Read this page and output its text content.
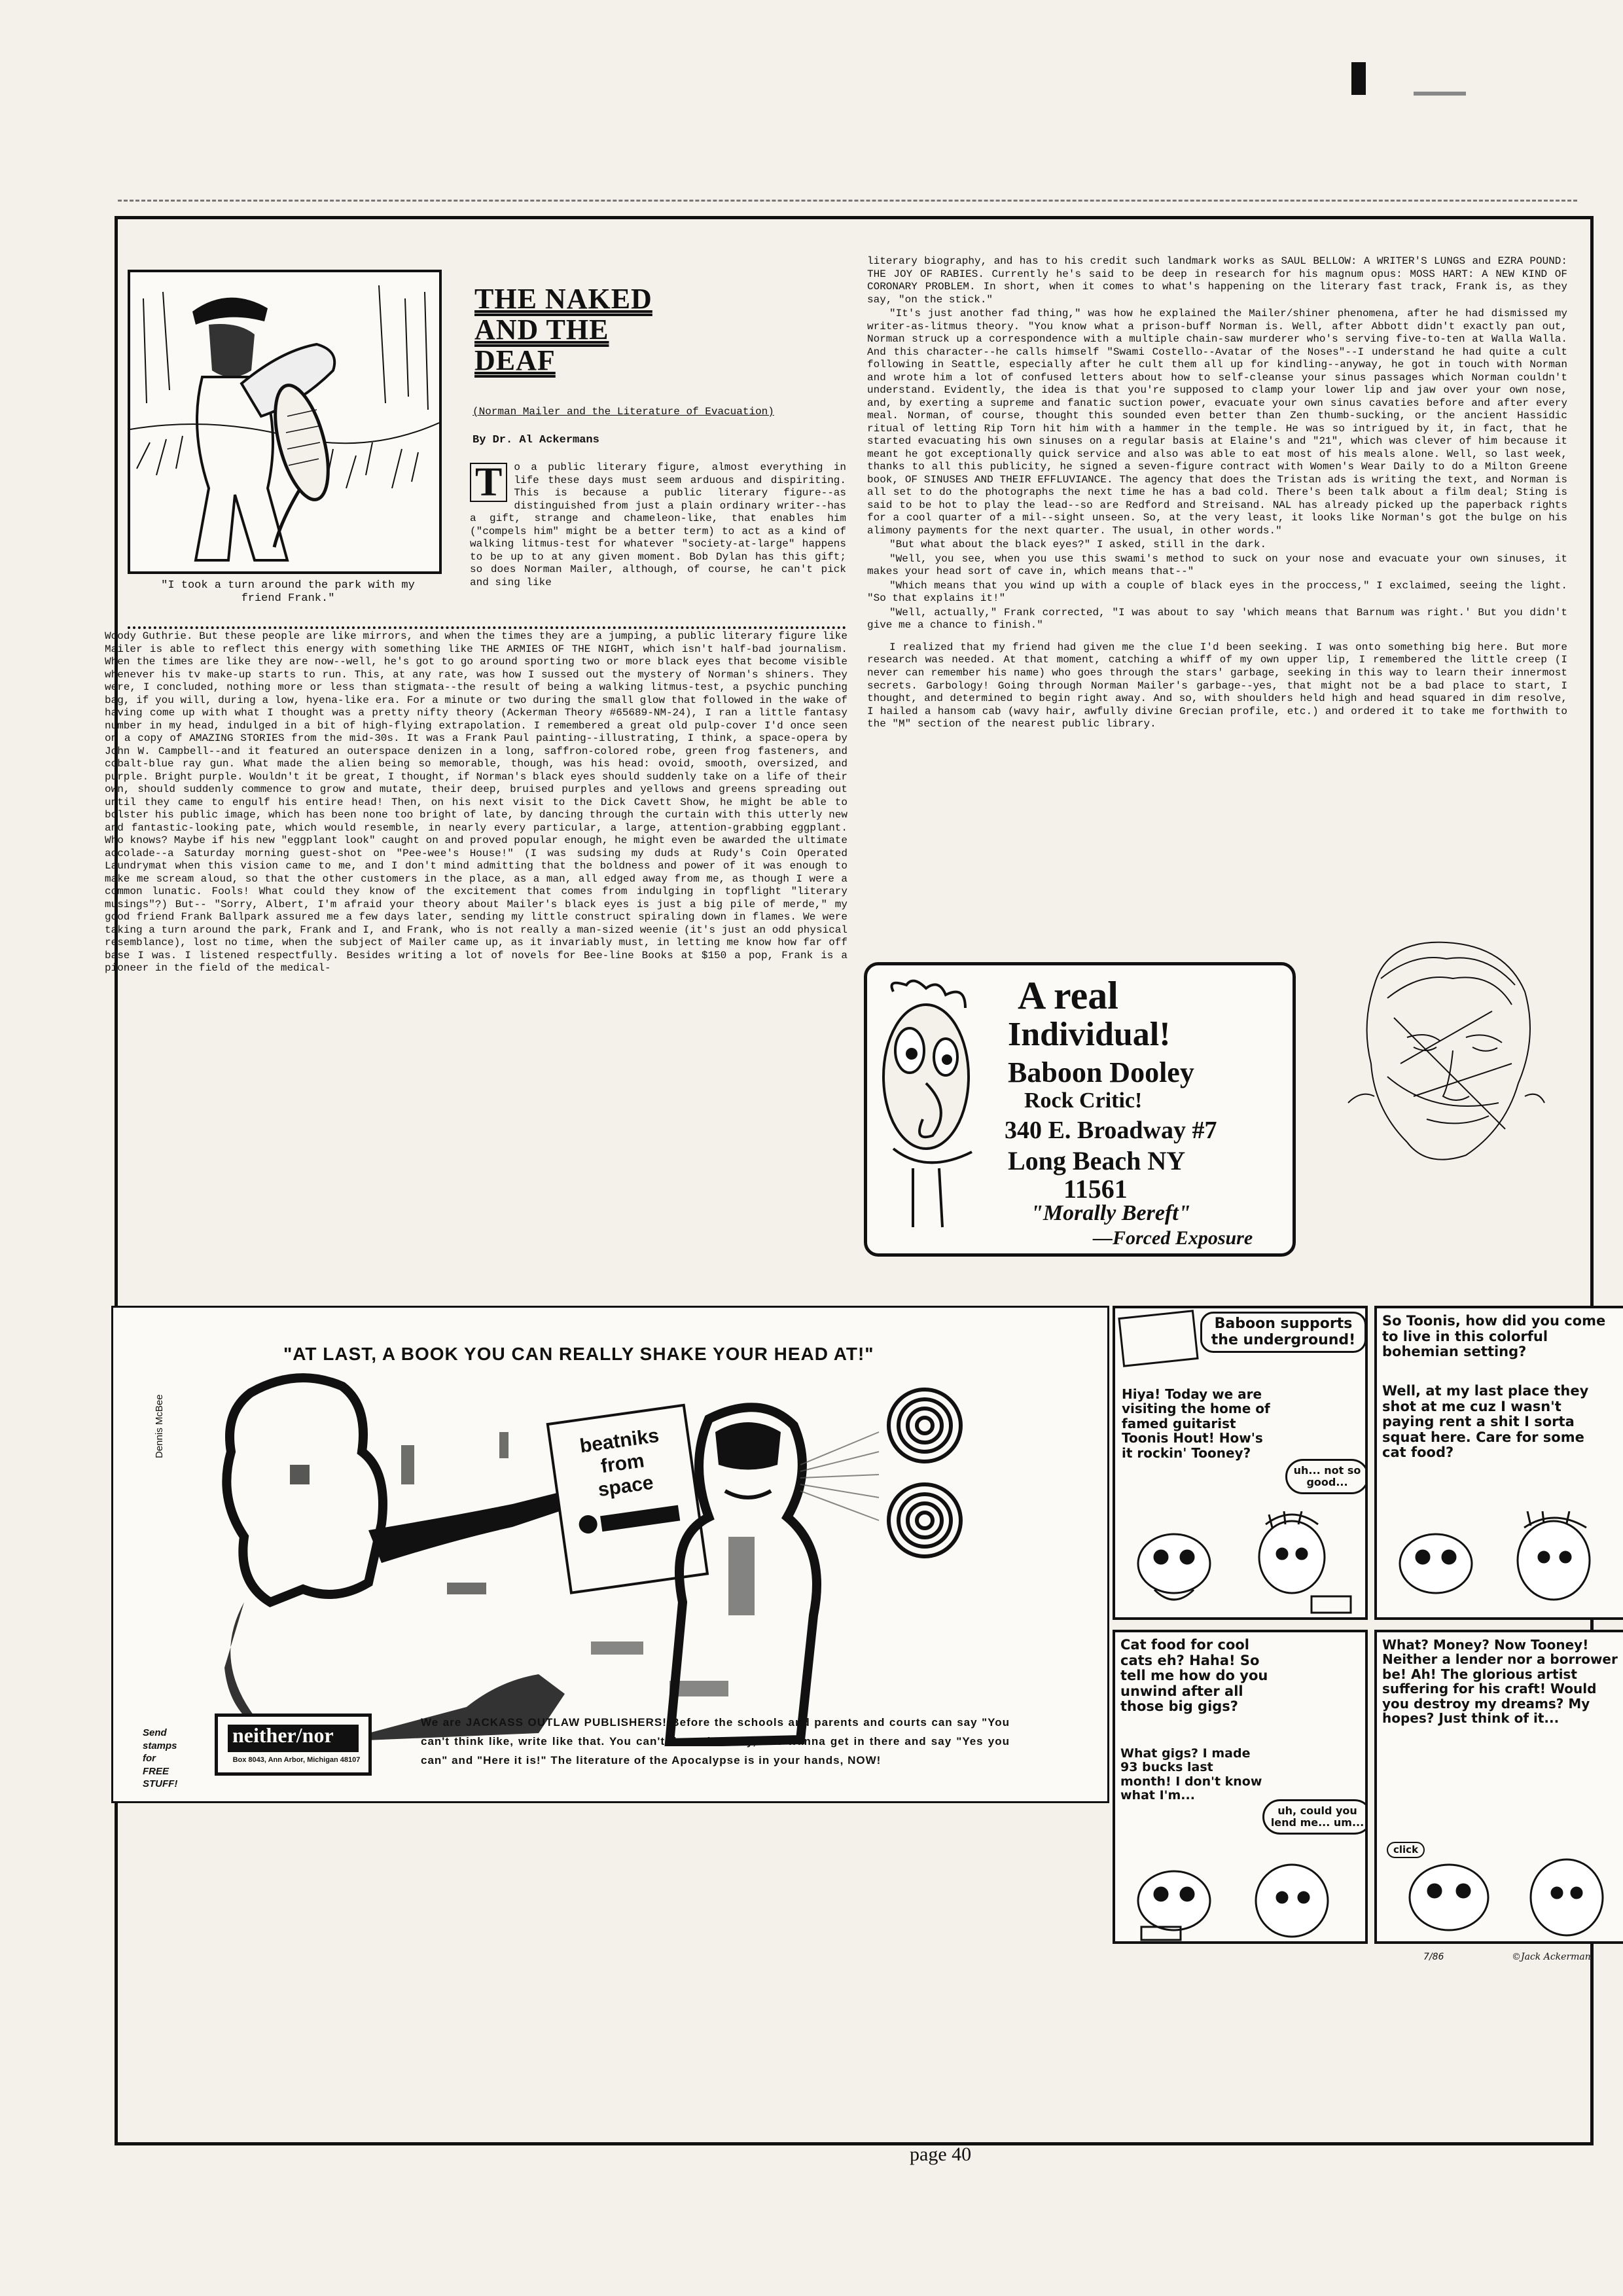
"I took a turn around the park with my friend Frank."
THE NAKED
AND THE
DEAF
(Norman Mailer and the Literature of Evacuation)
By Dr. Al Ackermans
T	o a public literary figure, almost everything in life these days must seem arduous and dispiriting. This is because a public literary figure--as distinguished from just a plain ordinary writer--has a gift, strange and chameleon-like, that enables him ("compels him" might be a better term) to act as a kind of walking litmus-test for whatever "society-at-large" happens to be up to at any given moment. Bob Dylan has this gift; so does Norman Mailer, although, of course, he can't pick and sing like

Woody Guthrie. But these people are like mirrors, and when the times they are a jumping, a public literary figure like Mailer is able to reflect this energy with something like THE ARMIES OF THE NIGHT, which isn't half-bad journalism. When the times are like they are now--well, he's got to go around sporting two or more black eyes that become visible whenever his tv make-up starts to run. This, at any rate, was how I sussed out the mystery of Norman's shiners. They were, I concluded, nothing more or less than stigmata--the result of being a walking litmus-test, a psychic punching bag, if you will, during a low, hyena-like era. For a minute or two during the small glow that followed in the wake of having come up with what I thought was a pretty nifty theory (Ackerman Theory #65689-NM-24), I ran a little fantasy number in my head, indulged in a bit of high-flying extrapolation. I remembered a great old pulp-cover I'd once seen on a copy of AMAZING STORIES from the mid-30s. It was a Frank Paul painting--illustrating, I think, a space-opera by John W. Campbell--and it featured an outerspace denizen in a long, saffron-colored robe, green frog fasteners, and cobalt-blue ray gun. What made the alien being so memorable, though, was his head: ovoid, smooth, oversized, and purple. Bright purple. Wouldn't it be great, I thought, if Norman's black eyes should suddenly take on a life of their own, should suddenly commence to grow and mutate, their deep, bruised purples and yellows and greens spreading out until they came to engulf his entire head! Then, on his next visit to the Dick Cavett Show, he might be able to bolster his public image, which has been none too bright of late, by dancing through the curtain with this utterly new and fantastic-looking pate, which would resemble, in nearly every particular, a large, attention-grabbing eggplant. Who knows? Maybe if his new "eggplant look" caught on and proved popular enough, he might even be awarded the ultimate accolade--a Saturday morning guest-shot on "Pee-wee's House!" (I was sudsing my duds at Rudy's Coin Operated Laundrymat when this vision came to me, and I don't mind admitting that the boldness and power of it was enough to make me scream aloud, so that the other customers in the place, as a man, all edged away from me, as though I were a common lunatic. Fools! What could they know of the excitement that comes from indulging in topflight "literary musings"?) But-- "Sorry, Albert, I'm afraid your theory about Mailer's black eyes is just a big pile of merde," my good friend Frank Ballpark assured me a few days later, sending my little construct spiraling down in flames. We were taking a turn around the park, Frank and I, and Frank, who is not really a man-sized weenie (it's just an odd physical resemblance), lost no time, when the subject of Mailer came up, as it invariably must, in letting me know how far off base I was. I listened respectfully. Besides writing a lot of novels for Bee-line Books at $150 a pop, Frank is a pioneer in the field of the medical-

literary biography, and has to his credit such landmark works as SAUL BELLOW: A WRITER'S LUNGS and EZRA POUND: THE JOY OF RABIES. Currently he's said to be deep in research for his magnum opus: MOSS HART: A NEW KIND OF CORONARY PROBLEM. In short, when it comes to what's happening on the literary fast track, Frank is, as they say, "on the stick."

"It's just another fad thing," was how he explained the Mailer/shiner phenomena, after he had dismissed my writer-as-litmus theory. "You know what a prison-buff Norman is. Well, after Abbott didn't exactly pan out, Norman struck up a correspondence with a multiple chain-saw murderer who's serving five-to-ten at Walla Walla. And this character--he calls himself "Swami Costello--Avatar of the Noses"--I understand he had quite a cult following in Seattle, especially after he cult them all up for kindling--anyway, he got in touch with Norman and wrote him a lot of confused letters about how to self-cleanse your sinus passages which Norman couldn't understand. Evidently, the idea is that you're supposed to clamp your lower lip and jaw over your own nose, and, by exerting a supreme and fanatic suction power, evacuate your own sinus cavaties before and after every meal. Norman, of course, thought this sounded even better than Zen thumb-sucking, or the ancient Hassidic ritual of letting Rip Torn hit him with a hammer in the temple. He was so intrigued by it, in fact, that he started evacuating his own sinuses on a regular basis at Elaine's and "21", which was clever of him because it meant he got exceptionally quick service and also was able to eat most of his meals alone. Well, so last week, thanks to all this publicity, he signed a seven-figure contract with Women's Wear Daily to do a Milton Greene book, OF SINUSES AND THEIR EFFLUVIANCE. The agency that does the Tristan ads is writing the text, and Norman is all set to do the photographs the next time he has a bad cold. There's been talk about a film deal; Sting is said to be hot to play the lead--so are Redford and Streisand. NAL has already picked up the paperback rights for a cool quarter of a mil--sight unseen. So, at the very least, it looks like Norman's got the bulge on his alimony payments for the next quarter. The usual, in other words."

"But what about the black eyes?" I asked, still in the dark.

"Well, you see, when you use this swami's method to suck on your nose and evacuate your own sinuses, it makes your head sort of cave in, which means that--"

"Which means that you wind up with a couple of black eyes in the proccess," I exclaimed, seeing the light. "So that explains it!"

"Well, actually," Frank corrected, "I was about to say 'which means that Barnum was right.' But you didn't give me a chance to finish."

I realized that my friend had given me the clue I'd been seeking. I was onto something big here. But more research was needed. At that moment, catching a whiff of my own upper lip, I remembered the little creep (I never can remember his name) who goes through the stars' garbage, seeking in this way to learn their innermost secrets. Garbology! Going through Norman Mailer's garbage--yes, that might not be a bad place to start, I thought, and determined to begin right away. And so, with shoulders held high and head squared in dim resolve, I hailed a hansom cab (wavy hair, awfully divine Grecian profile, etc.) and ordered it to take me forthwith to the "M" section of the nearest public library.

A real
Individual!
Baboon Dooley
Rock Critic!
340 E. Broadway #7
Long Beach NY
11561
"Morally Bereft"
—Forced Exposure
"AT LAST, A BOOK YOU CAN REALLY SHAKE YOUR HEAD AT!"
Dennis McBee	beatniks
from
space
Send
stamps
for
FREE
STUFF!
neither/nor
Box 8043, Ann Arbor, Michigan 48107
We are JACKASS OUTLAW PUBLISHERS! Before the schools and parents and courts can say "You can't think like, write like that. You can't draw that way," we wanna get in there and say "Yes you can" and "Here it is!" The literature of the Apocalypse is in your hands, NOW!
Baboon supports the underground!
Hiya! Today we are visiting the home of famed guitarist Toonis Hout! How's it rockin' Tooney?
uh... not so good...
So Toonis, how did you come to live in this colorful bohemian setting?
Well, at my last place they shot at me cuz I wasn't paying rent a shit I sorta squat here. Care for some cat food?
Cat food for cool cats eh? Haha! So tell me how do you unwind after all those big gigs?
What gigs? I made 93 bucks last month! I don't know what I'm...
uh, could you lend me... um...
What? Money? Now Tooney! Neither a lender nor a borrower be! Ah! The glorious artist suffering for his craft! Would you destroy my dreams? My hopes? Just think of it...
click
7/86	©Jack Ackerman
page 40
